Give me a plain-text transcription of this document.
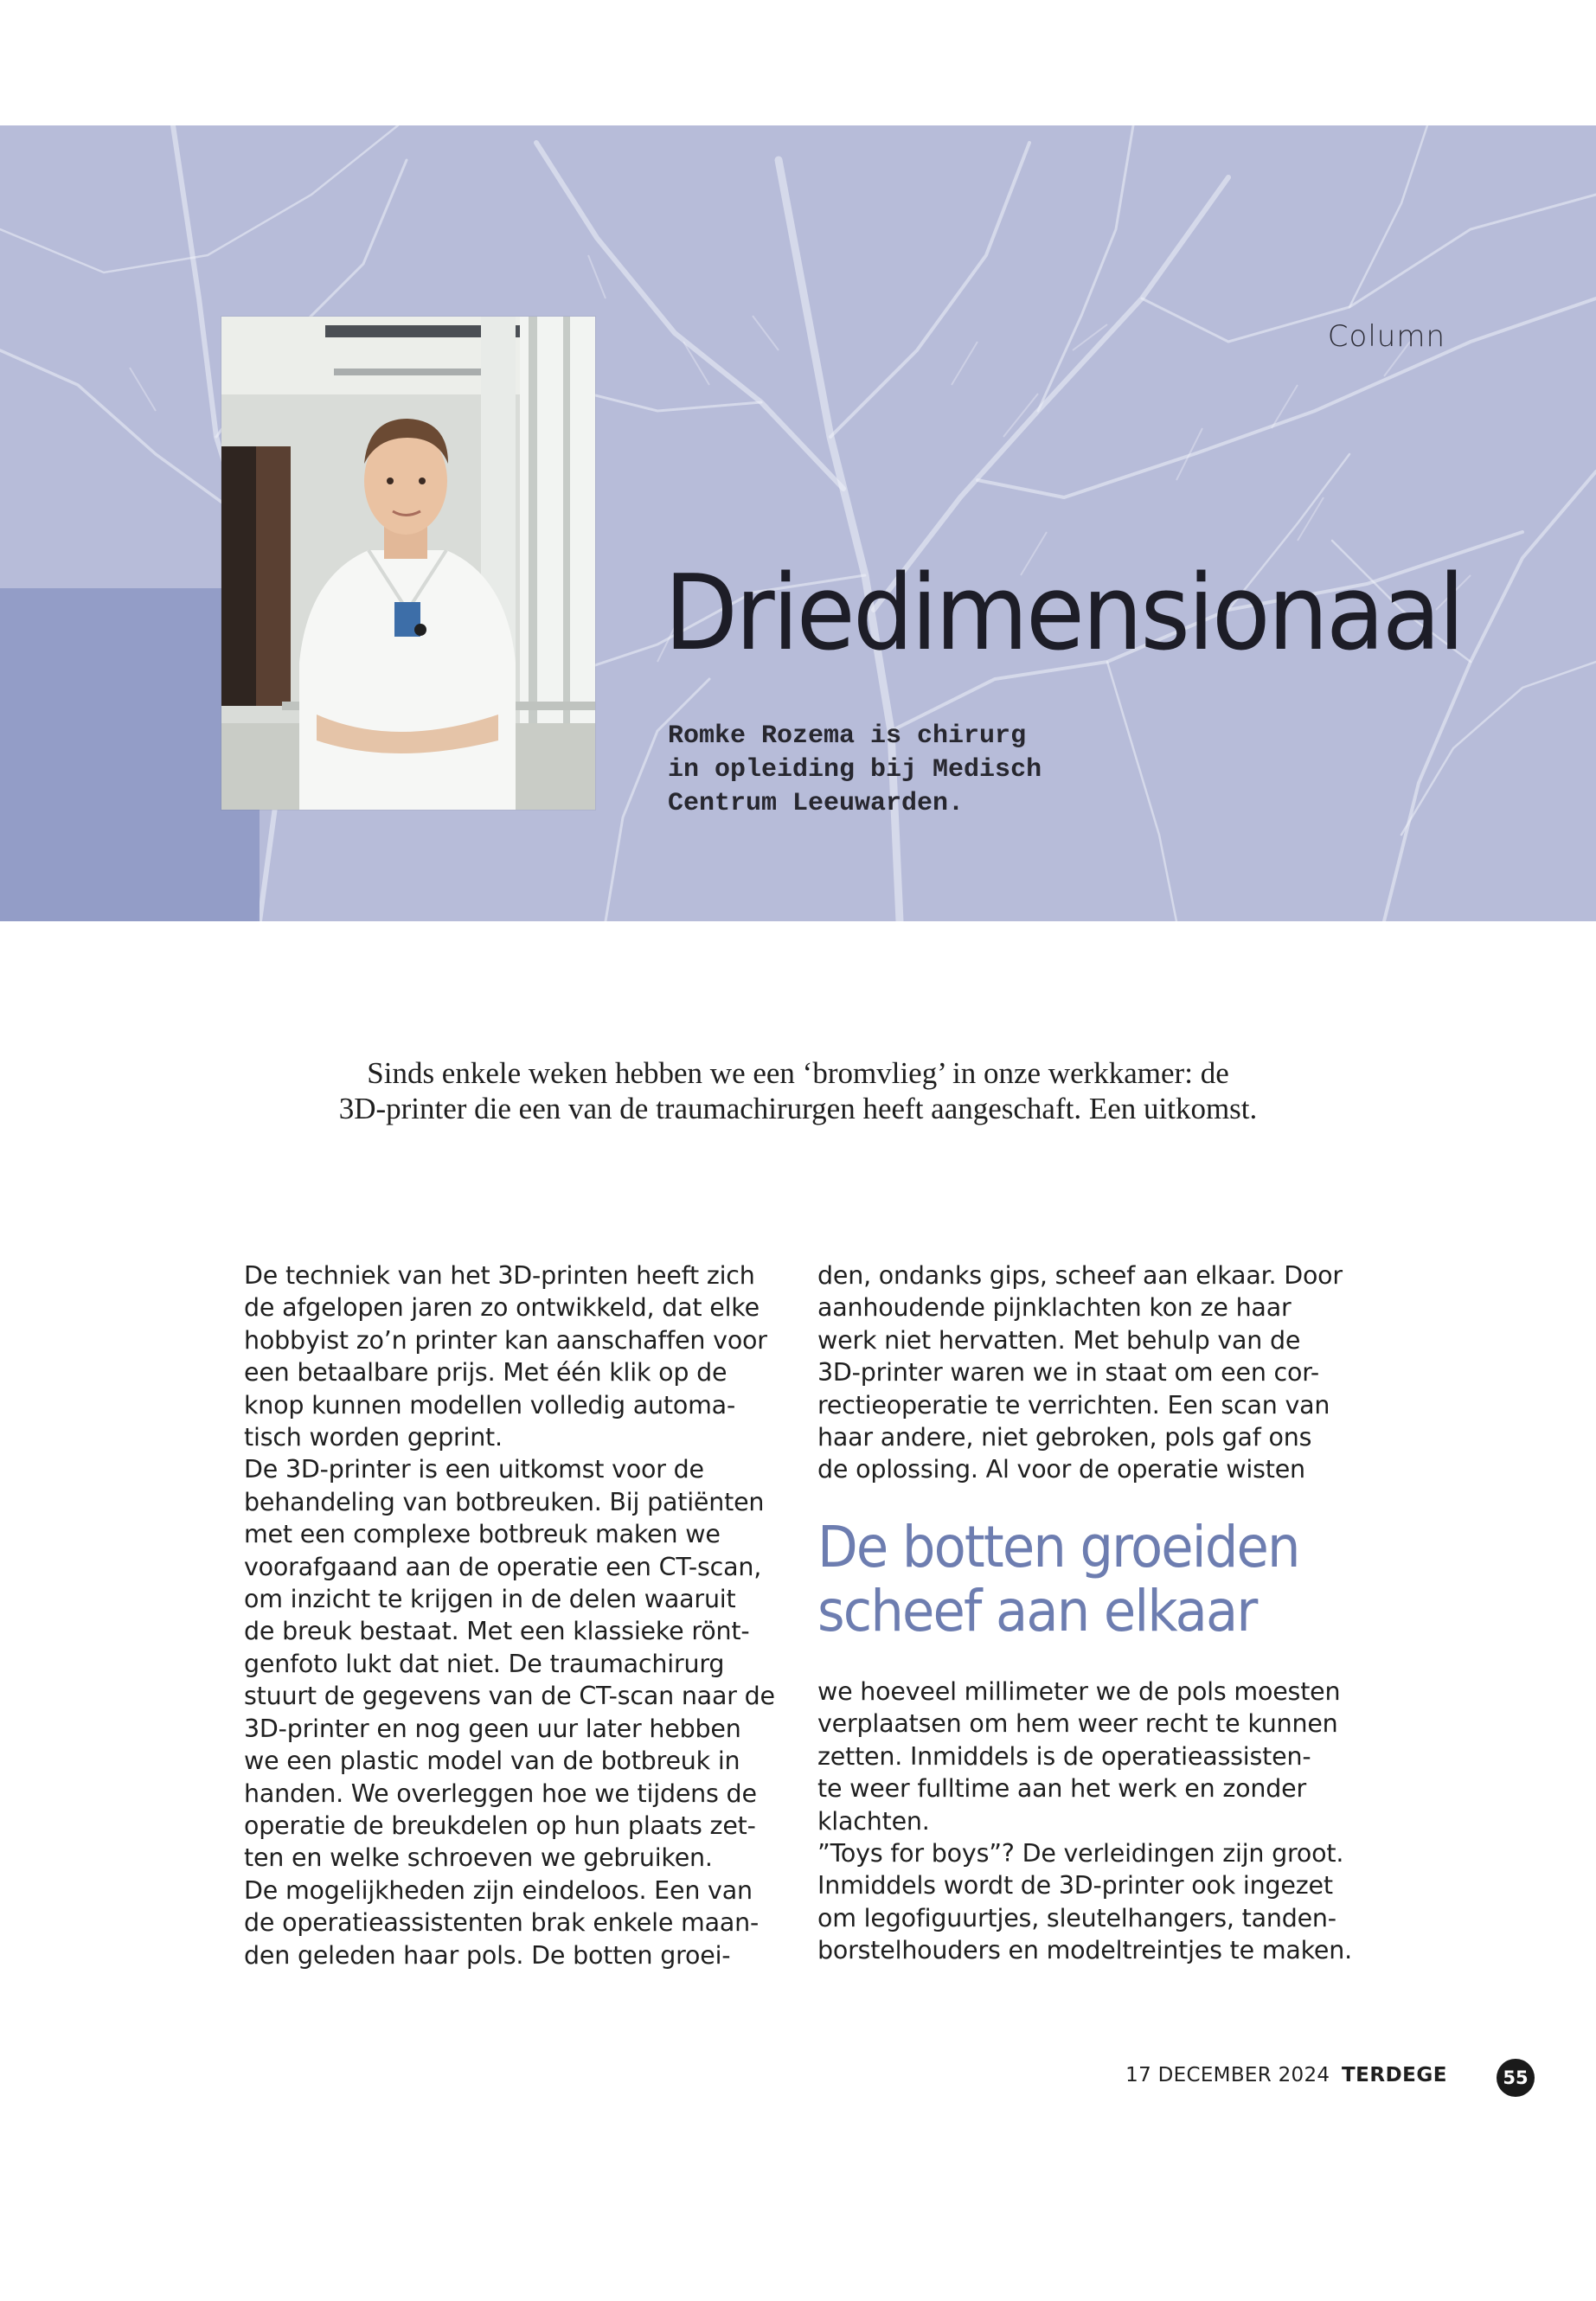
Column
Driedimensionaal
Romke Rozema is chirurg
in opleiding bij Medisch
Centrum Leeuwarden.
Sinds enkele weken hebben we een ‘bromvlieg’ in onze werkkamer: de
3D-printer die een van de traumachirurgen heeft aangeschaft. Een uitkomst.
De techniek van het 3D-printen heeft zich
de afgelopen jaren zo ontwikkeld, dat elke
hobbyist zo’n printer kan aanschaffen voor
een betaalbare prijs. Met één klik op de
knop kunnen modellen volledig automa-
tisch worden geprint.
De 3D-printer is een uitkomst voor de
behandeling van botbreuken. Bij patiënten
met een complexe botbreuk maken we
voorafgaand aan de operatie een CT-scan,
om inzicht te krijgen in de delen waaruit
de breuk bestaat. Met een klassieke rönt-
genfoto lukt dat niet. De traumachirurg
stuurt de gegevens van de CT-scan naar de
3D-printer en nog geen uur later hebben
we een plastic model van de botbreuk in
handen. We overleggen hoe we tijdens de
operatie de breukdelen op hun plaats zet-
ten en welke schroeven we gebruiken.
De mogelijkheden zijn eindeloos. Een van
de operatieassistenten brak enkele maan-
den geleden haar pols. De botten groei-
den, ondanks gips, scheef aan elkaar. Door
aanhoudende pijnklachten kon ze haar
werk niet hervatten. Met behulp van de
3D-printer waren we in staat om een cor-
rectieoperatie te verrichten. Een scan van
haar andere, niet gebroken, pols gaf ons
de oplossing. Al voor de operatie wisten
De botten groeiden
scheef aan elkaar
we hoeveel millimeter we de pols moesten
verplaatsen om hem weer recht te kunnen
zetten. Inmiddels is de operatieassisten-
te weer fulltime aan het werk en zonder
klachten.
”Toys for boys”? De verleidingen zijn groot.
Inmiddels wordt de 3D-printer ook ingezet
om legofiguurtjes, sleutelhangers, tanden-
borstelhouders en modeltreintjes te maken.
17 DECEMBER 2024 TERDEGE	55
